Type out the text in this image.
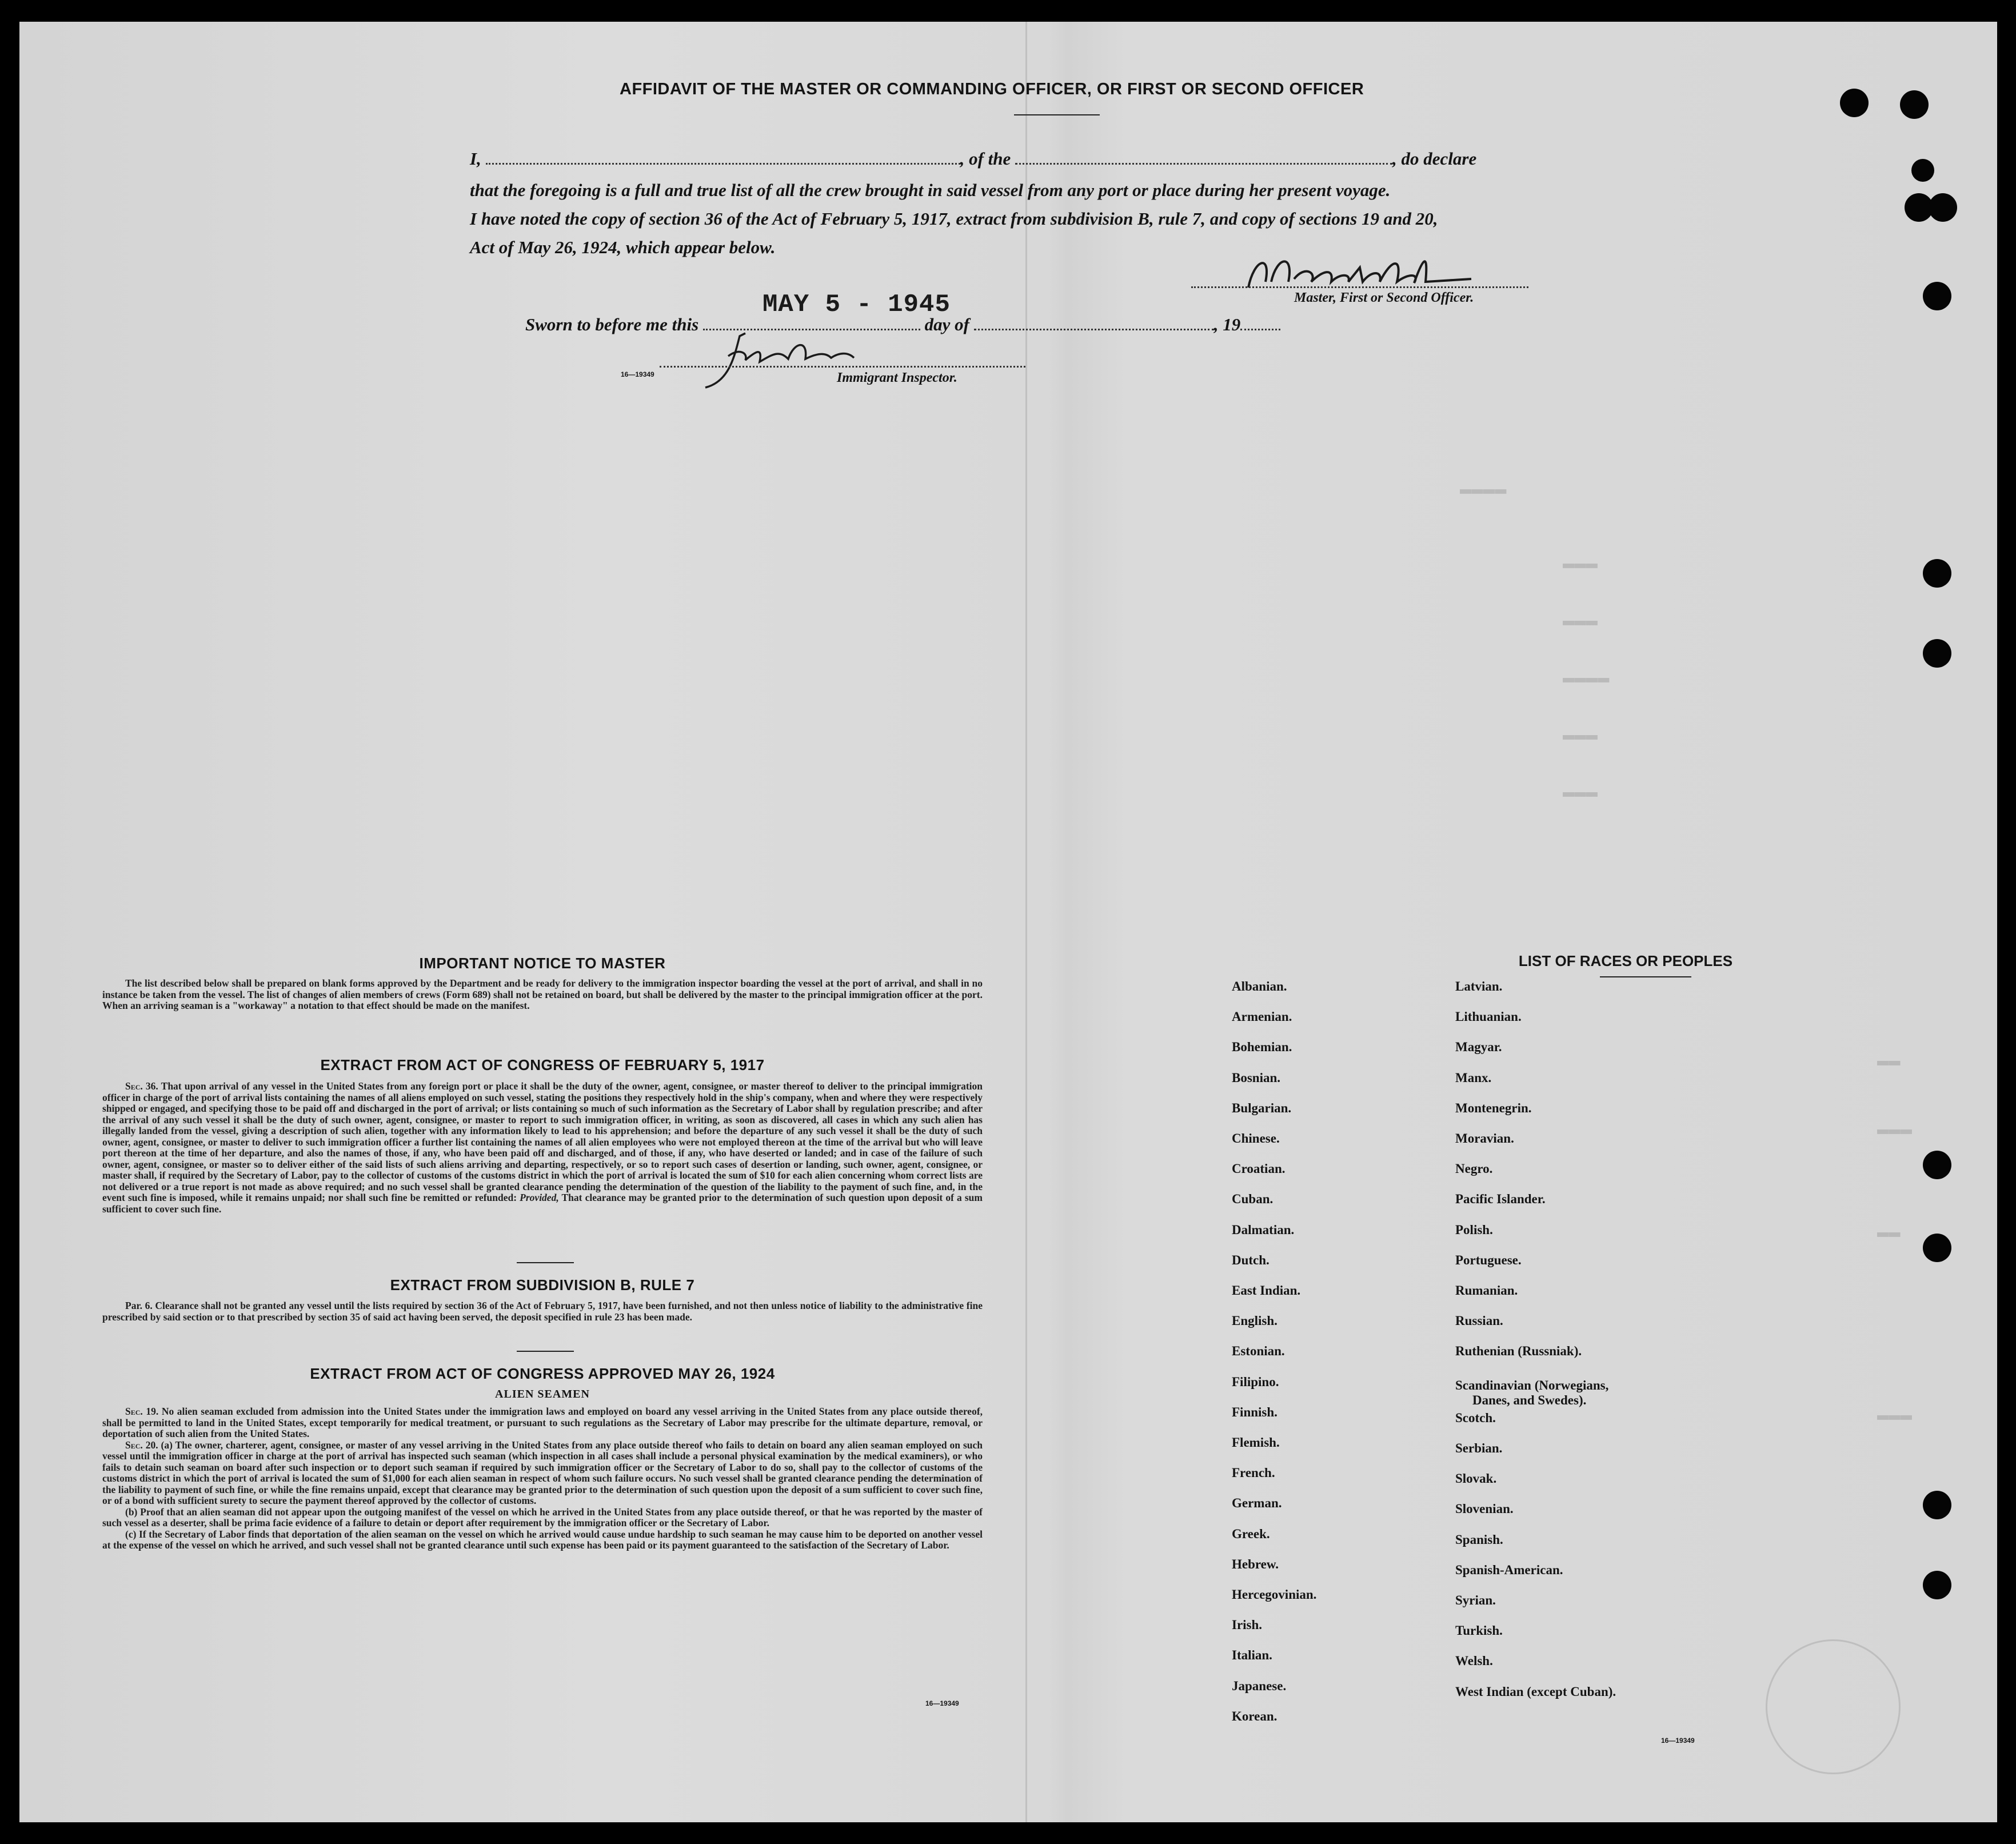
▬▬▬▬
▬▬▬
▬▬▬
▬▬▬▬
▬▬▬
▬▬▬
▬▬
▬▬▬
▬▬
▬▬▬
AFFIDAVIT OF THE MASTER OR COMMANDING OFFICER, OR FIRST OR SECOND OFFICER
I,	, of the	, do declare
that the foregoing is a full and true list of all the crew brought in said vessel from any port or place during her present voyage.
I have noted the copy of section 36 of the Act of February 5, 1917, extract from subdivision B, rule 7, and copy of sections 19 and 20,
Act of May 26, 1924, which appear below.
Master, First or Second Officer.
MAY 5 - 1945
Sworn to before me this	day of	, 19
16—19349	Immigrant Inspector.
IMPORTANT NOTICE TO MASTER
The list described below shall be prepared on blank forms approved by the Department and be ready for delivery to the immigration inspector boarding the vessel at the port of arrival, and shall in no instance be taken from the vessel. The list of changes of alien members of crews (Form 689) shall not be retained on board, but shall be delivered by the master to the principal immigration officer at the port. When an arriving seaman is a "workaway" a notation to that effect should be made on the manifest.
EXTRACT FROM ACT OF CONGRESS OF FEBRUARY 5, 1917
Sec. 36. That upon arrival of any vessel in the United States from any foreign port or place it shall be the duty of the owner, agent, consignee, or master thereof to deliver to the principal immigration officer in charge of the port of arrival lists containing the names of all aliens employed on such vessel, stating the positions they respectively hold in the ship's company, when and where they were respectively shipped or engaged, and specifying those to be paid off and discharged in the port of arrival; or lists containing so much of such information as the Secretary of Labor shall by regulation prescribe; and after the arrival of any such vessel it shall be the duty of such owner, agent, consignee, or master to report to such immigration officer, in writing, as soon as discovered, all cases in which any such alien has illegally landed from the vessel, giving a description of such alien, together with any information likely to lead to his apprehension; and before the departure of any such vessel it shall be the duty of such owner, agent, consignee, or master to deliver to such immigration officer a further list containing the names of all alien employees who were not employed thereon at the time of the arrival but who will leave port thereon at the time of her departure, and also the names of those, if any, who have been paid off and discharged, and of those, if any, who have deserted or landed; and in case of the failure of such owner, agent, consignee, or master so to deliver either of the said lists of such aliens arriving and departing, respectively, or so to report such cases of desertion or landing, such owner, agent, consignee, or master shall, if required by the Secretary of Labor, pay to the collector of customs of the customs district in which the port of arrival is located the sum of $10 for each alien concerning whom correct lists are not delivered or a true report is not made as above required; and no such vessel shall be granted clearance pending the determination of the question of the liability to the payment of such fine, and, in the event such fine is imposed, while it remains unpaid; nor shall such fine be remitted or refunded: Provided, That clearance may be granted prior to the determination of such question upon deposit of a sum sufficient to cover such fine.
EXTRACT FROM SUBDIVISION B, RULE 7
Par. 6. Clearance shall not be granted any vessel until the lists required by section 36 of the Act of February 5, 1917, have been furnished, and not then unless notice of liability to the administrative fine prescribed by said section or to that prescribed by section 35 of said act having been served, the deposit specified in rule 23 has been made.
EXTRACT FROM ACT OF CONGRESS APPROVED MAY 26, 1924
ALIEN SEAMEN
Sec. 19. No alien seaman excluded from admission into the United States under the immigration laws and employed on board any vessel arriving in the United States from any place outside thereof, shall be permitted to land in the United States, except temporarily for medical treatment, or pursuant to such regulations as the Secretary of Labor may prescribe for the ultimate departure, removal, or deportation of such alien from the United States.
Sec. 20. (a) The owner, charterer, agent, consignee, or master of any vessel arriving in the United States from any place outside thereof who fails to detain on board any alien seaman employed on such vessel until the immigration officer in charge at the port of arrival has inspected such seaman (which inspection in all cases shall include a personal physical examination by the medical examiners), or who fails to detain such seaman on board after such inspection or to deport such seaman if required by such immigration officer or the Secretary of Labor to do so, shall pay to the collector of customs of the customs district in which the port of arrival is located the sum of $1,000 for each alien seaman in respect of whom such failure occurs. No such vessel shall be granted clearance pending the determination of the liability to payment of such fine, or while the fine remains unpaid, except that clearance may be granted prior to the determination of such question upon the deposit of a sum sufficient to cover such fine, or of a bond with sufficient surety to secure the payment thereof approved by the collector of customs.
(b) Proof that an alien seaman did not appear upon the outgoing manifest of the vessel on which he arrived in the United States from any place outside thereof, or that he was reported by the master of such vessel as a deserter, shall be prima facie evidence of a failure to detain or deport after requirement by the immigration officer or the Secretary of Labor.
(c) If the Secretary of Labor finds that deportation of the alien seaman on the vessel on which he arrived would cause undue hardship to such seaman he may cause him to be deported on another vessel at the expense of the vessel on which he arrived, and such vessel shall not be granted clearance until such expense has been paid or its payment guaranteed to the satisfaction of the Secretary of Labor.
16—19349
LIST OF RACES OR PEOPLES
16—19349
Albanian.
Armenian.
Bohemian.
Bosnian.
Bulgarian.
Chinese.
Croatian.
Cuban.
Dalmatian.
Dutch.
East Indian.
English.
Estonian.
Filipino.
Finnish.
Flemish.
French.
German.
Greek.
Hebrew.
Hercegovinian.
Irish.
Italian.
Japanese.
Korean.
Latvian.
Lithuanian.
Magyar.
Manx.
Montenegrin.
Moravian.
Negro.
Pacific Islander.
Polish.
Portuguese.
Rumanian.
Russian.
Ruthenian (Russniak).
Scandinavian (Norwegians,
Danes, and Swedes).
Scotch.
Serbian.
Slovak.
Slovenian.
Spanish.
Spanish-American.
Syrian.
Turkish.
Welsh.
West Indian (except Cuban).
